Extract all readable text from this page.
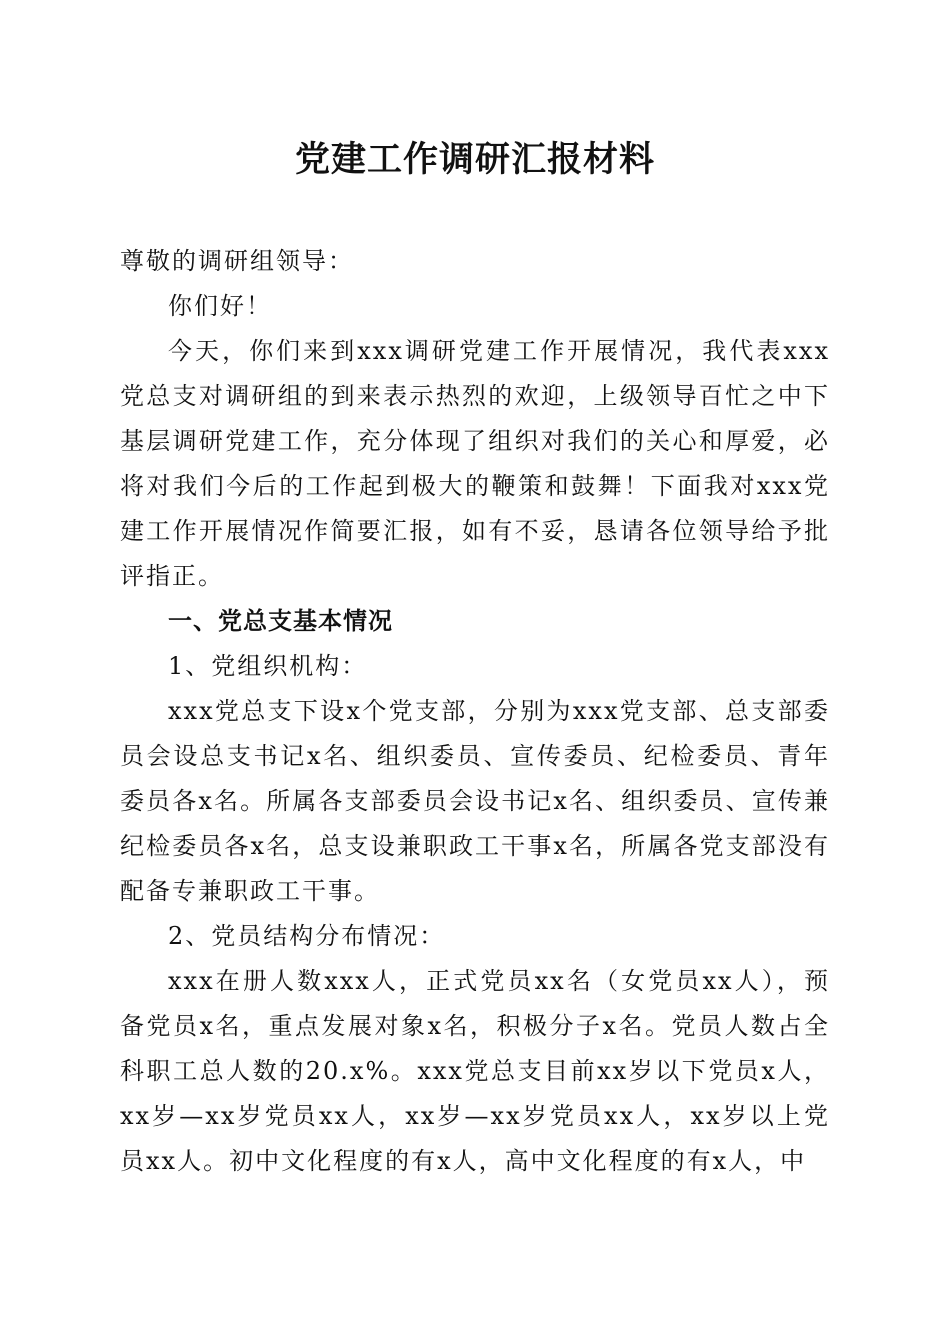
党建工作调研汇报材料

尊敬的调研组领导：

你们好！

今天，你们来到xxx调研党建工作开展情况，我代表xxx党总支对调研组的到来表示热烈的欢迎，上级领导百忙之中下基层调研党建工作，充分体现了组织对我们的关心和厚爱，必将对我们今后的工作起到极大的鞭策和鼓舞！下面我对xxx党建工作开展情况作简要汇报，如有不妥，恳请各位领导给予批评指正。

一、党总支基本情况

1、党组织机构：

xxx党总支下设x个党支部，分别为xxx党支部、总支部委员会设总支书记x名、组织委员、宣传委员、纪检委员、青年委员各x名。所属各支部委员会设书记x名、组织委员、宣传兼纪检委员各x名，总支设兼职政工干事x名，所属各党支部没有配备专兼职政工干事。

2、党员结构分布情况：

xxx在册人数xxx人，正式党员xx名（女党员xx人），预备党员x名，重点发展对象x名，积极分子x名。党员人数占全科职工总人数的20.x%。xxx党总支目前xx岁以下党员x人，xx岁—xx岁党员xx人，xx岁—xx岁党员xx人，xx岁以上党员xx人。初中文化程度的有x人，高中文化程度的有x人，中
